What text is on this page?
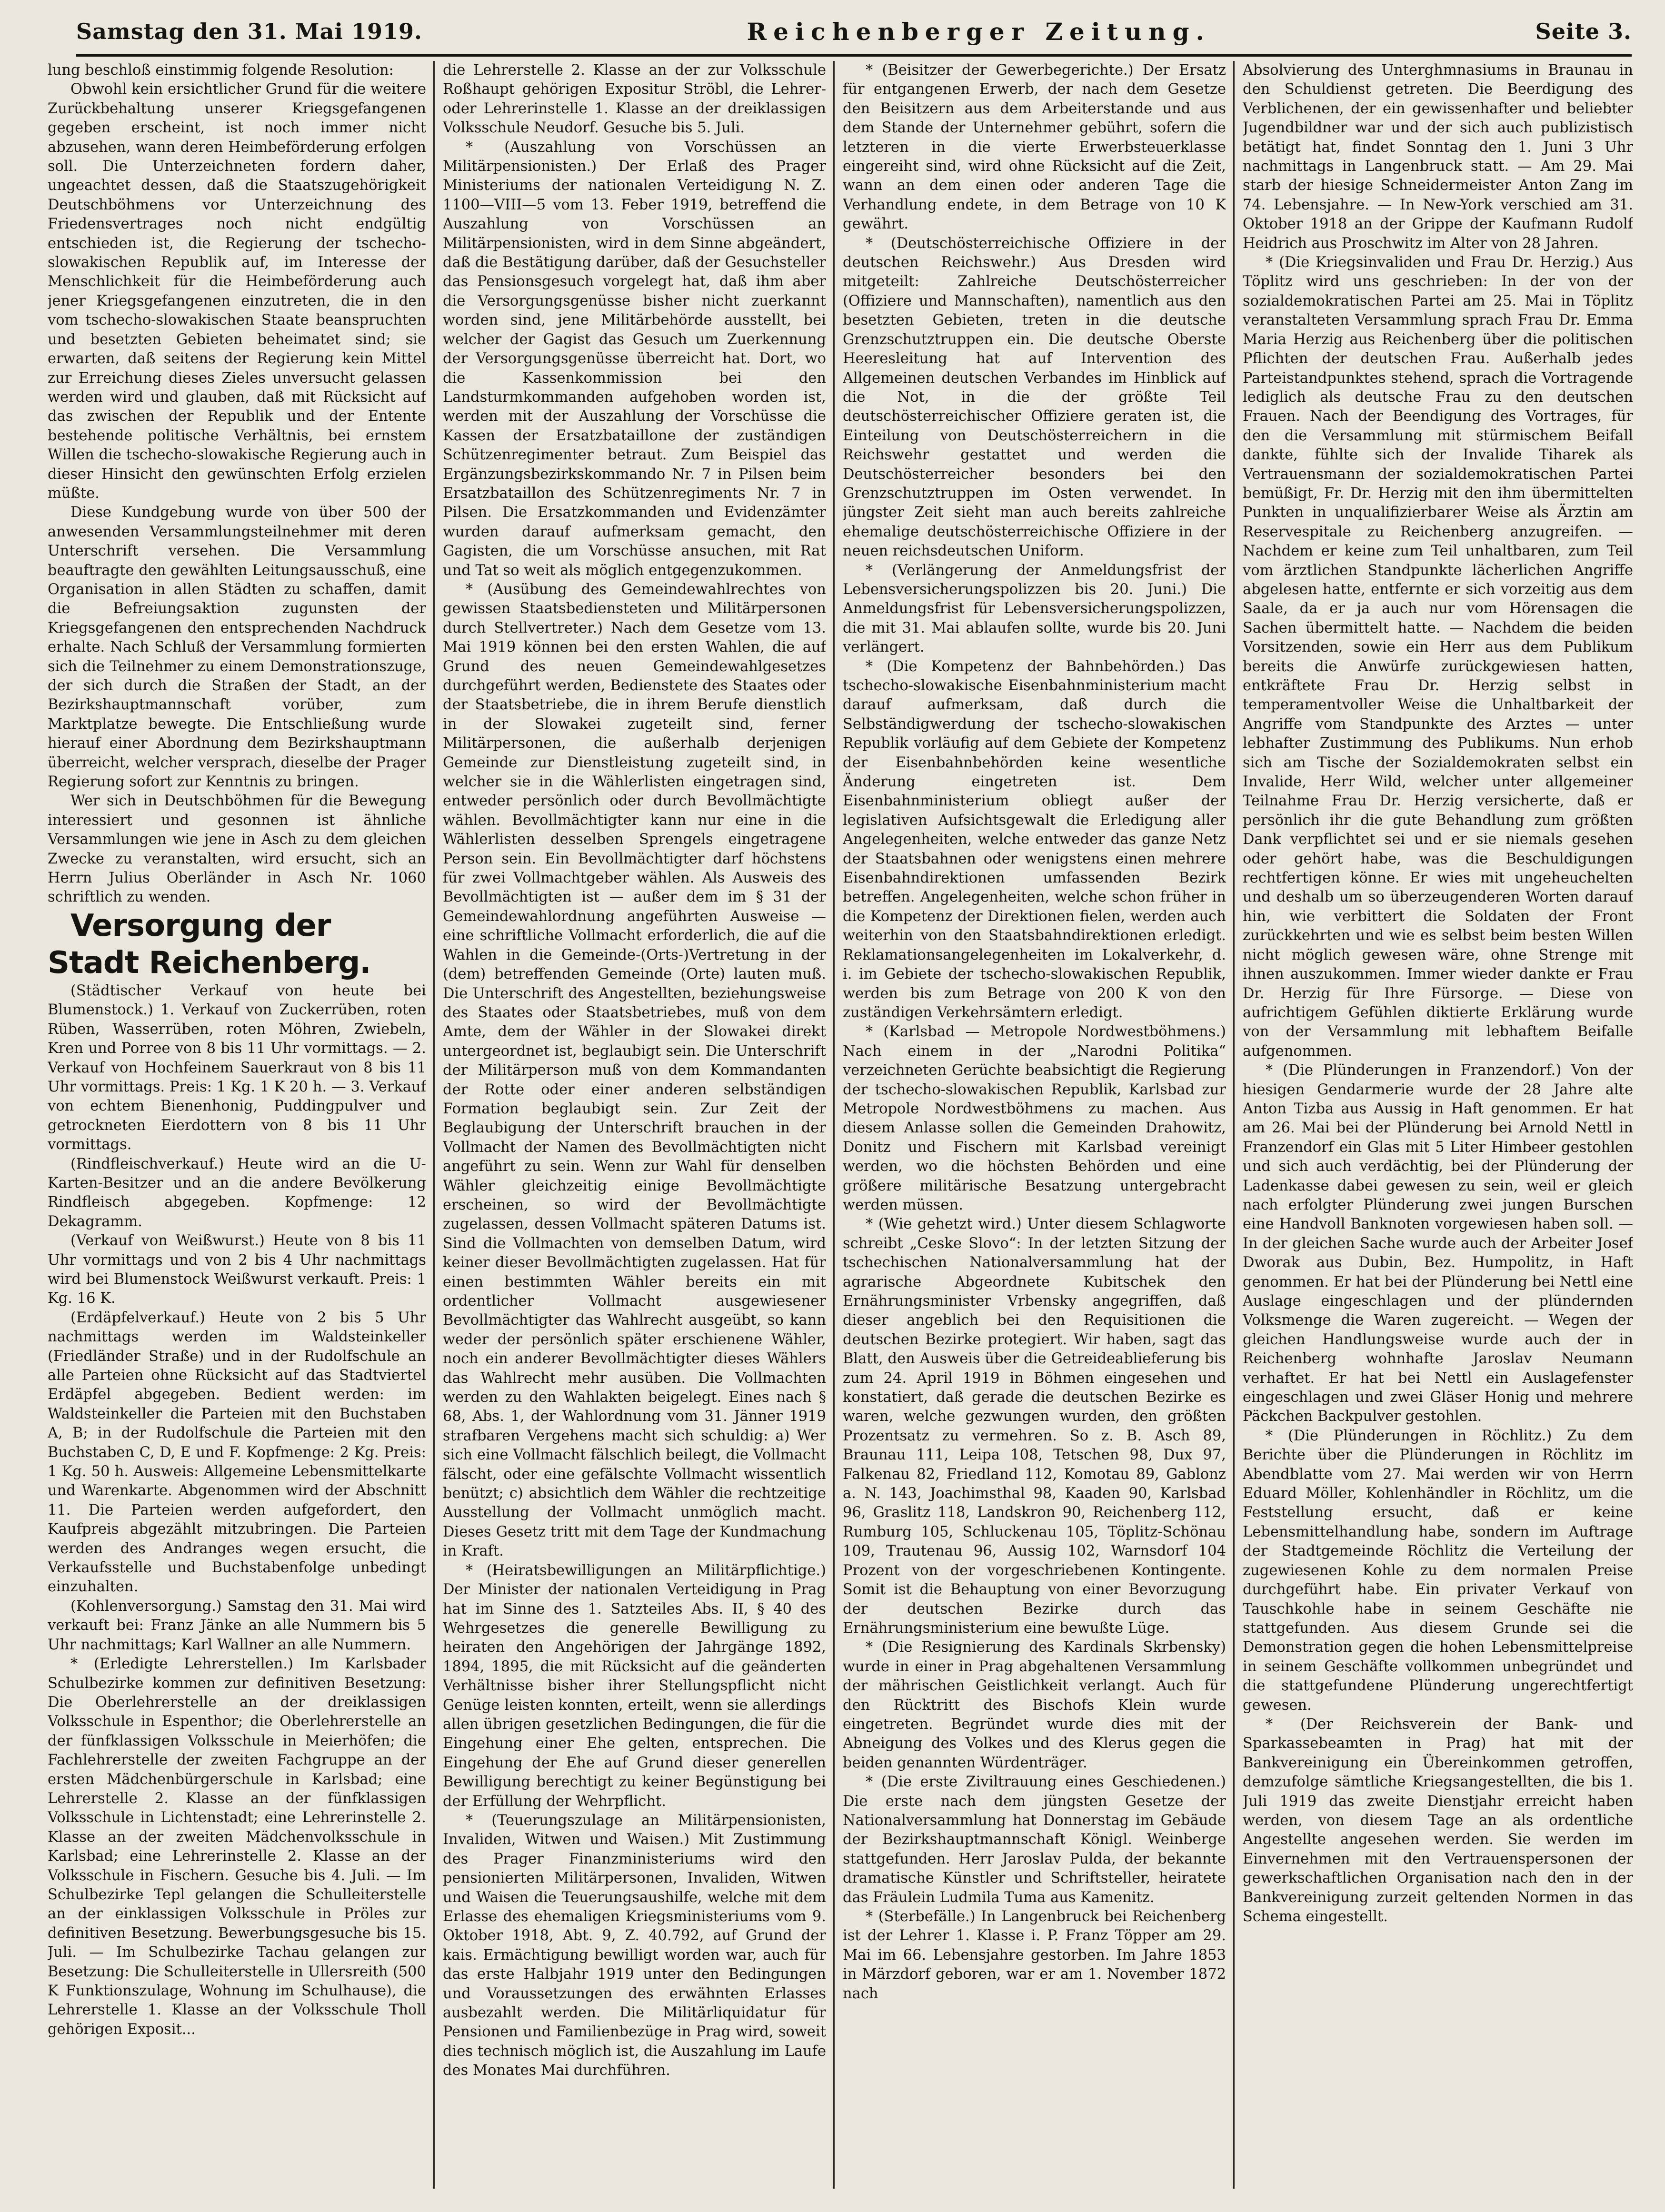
Samstag den 31. Mai 1919.	Reichenberger Zeitung.	Seite 3.

lung beschloß einstimmig folgende Resolution:

Obwohl kein ersichtlicher Grund für die weitere Zurückbehaltung unserer Kriegsgefangenen gegeben erscheint, ist noch immer nicht abzusehen, wann deren Heimbeförderung erfolgen soll. Die Unterzeichneten fordern daher, ungeachtet dessen, daß die Staatszugehörigkeit Deutschböhmens vor Unterzeichnung des Friedensvertrages noch nicht endgültig entschieden ist, die Regierung der tschecho-slowakischen Republik auf, im Interesse der Menschlichkeit für die Heimbeförderung auch jener Kriegsgefangenen einzutreten, die in den vom tschecho-slowakischen Staate beanspruchten und besetzten Gebieten beheimatet sind; sie erwarten, daß seitens der Regierung kein Mittel zur Erreichung dieses Zieles unversucht gelassen werden wird und glauben, daß mit Rücksicht auf das zwischen der Republik und der Entente bestehende politische Verhältnis, bei ernstem Willen die tschecho-slowakische Regierung auch in dieser Hinsicht den gewünschten Erfolg erzielen müßte.

Diese Kundgebung wurde von über 500 der anwesenden Versammlungsteilnehmer mit deren Unterschrift versehen. Die Versammlung beauftragte den gewählten Leitungsausschuß, eine Organisation in allen Städten zu schaffen, damit die Befreiungsaktion zugunsten der Kriegsgefangenen den entsprechenden Nachdruck erhalte. Nach Schluß der Versammlung formierten sich die Teilnehmer zu einem Demonstrationszuge, der sich durch die Straßen der Stadt, an der Bezirkshauptmannschaft vorüber, zum Marktplatze bewegte. Die Entschließung wurde hierauf einer Abordnung dem Bezirkshauptmann überreicht, welcher versprach, dieselbe der Prager Regierung sofort zur Kenntnis zu bringen.

Wer sich in Deutschböhmen für die Bewegung interessiert und gesonnen ist ähnliche Versammlungen wie jene in Asch zu dem gleichen Zwecke zu veranstalten, wird ersucht, sich an Herrn Julius Oberländer in Asch Nr. 1060 schriftlich zu wenden.

Versorgung der Stadt Reichenberg.

(Städtischer Verkauf von heute bei Blumenstock.) 1. Verkauf von Zuckerrüben, roten Rüben, Wasserrüben, roten Möhren, Zwiebeln, Kren und Porree von 8 bis 11 Uhr vormittags. — 2. Verkauf von Hochfeinem Sauerkraut von 8 bis 11 Uhr vormittags. Preis: 1 Kg. 1 K 20 h. — 3. Verkauf von echtem Bienenhonig, Puddingpulver und getrockneten Eierdottern von 8 bis 11 Uhr vormittags.

(Rindfleischverkauf.) Heute wird an die U-Karten-Besitzer und an die andere Bevölkerung Rindfleisch abgegeben. Kopfmenge: 12 Dekagramm.

(Verkauf von Weißwurst.) Heute von 8 bis 11 Uhr vormittags und von 2 bis 4 Uhr nachmittags wird bei Blumenstock Weißwurst verkauft. Preis: 1 Kg. 16 K.

(Erdäpfelverkauf.) Heute von 2 bis 5 Uhr nachmittags werden im Waldsteinkeller (Friedländer Straße) und in der Rudolfschule an alle Parteien ohne Rücksicht auf das Stadtviertel Erdäpfel abgegeben. Bedient werden: im Waldsteinkeller die Parteien mit den Buchstaben A, B; in der Rudolfschule die Parteien mit den Buchstaben C, D, E und F. Kopfmenge: 2 Kg. Preis: 1 Kg. 50 h. Ausweis: Allgemeine Lebensmittelkarte und Warenkarte. Abgenommen wird der Abschnitt 11. Die Parteien werden aufgefordert, den Kaufpreis abgezählt mitzubringen. Die Parteien werden des Andranges wegen ersucht, die Verkaufsstelle und Buchstabenfolge unbedingt einzuhalten.

(Kohlenversorgung.) Samstag den 31. Mai wird verkauft bei: Franz Jänke an alle Nummern bis 5 Uhr nachmittags; Karl Wallner an alle Nummern.

* (Erledigte Lehrerstellen.) Im Karlsbader Schulbezirke kommen zur definitiven Besetzung: Die Oberlehrerstelle an der dreiklassigen Volksschule in Espenthor; die Oberlehrerstelle an der fünfklassigen Volksschule in Meierhöfen; die Fachlehrerstelle der zweiten Fachgruppe an der ersten Mädchenbürgerschule in Karlsbad; eine Lehrerstelle 2. Klasse an der fünfklassigen Volksschule in Lichtenstadt; eine Lehrerinstelle 2. Klasse an der zweiten Mädchenvolksschule in Karlsbad; eine Lehrerinstelle 2. Klasse an der Volksschule in Fischern. Gesuche bis 4. Juli. — Im Schulbezirke Tepl gelangen die Schulleiterstelle an der einklassigen Volksschule in Pröles zur definitiven Besetzung. Bewerbungsgesuche bis 15. Juli. — Im Schulbezirke Tachau gelangen zur Besetzung: Die Schulleiterstelle in Ullersreith (500 K Funktionszulage, Wohnung im Schulhause), die Lehrerstelle 1. Klasse an der Volksschule Tholl gehörigen Exposit...

die Lehrerstelle 2. Klasse an der zur Volksschule Roßhaupt gehörigen Expositur Ströbl, die Lehrer- oder Lehrerinstelle 1. Klasse an der dreiklassigen Volksschule Neudorf. Gesuche bis 5. Juli.

* (Auszahlung von Vorschüssen an Militärpensionisten.) Der Erlaß des Prager Ministeriums der nationalen Verteidigung N. Z. 1100—VIII—5 vom 13. Feber 1919, betreffend die Auszahlung von Vorschüssen an Militärpensionisten, wird in dem Sinne abgeändert, daß die Bestätigung darüber, daß der Gesuchsteller das Pensionsgesuch vorgelegt hat, daß ihm aber die Versorgungsgenüsse bisher nicht zuerkannt worden sind, jene Militärbehörde ausstellt, bei welcher der Gagist das Gesuch um Zuerkennung der Versorgungsgenüsse überreicht hat. Dort, wo die Kassenkommission bei den Landsturmkommanden aufgehoben worden ist, werden mit der Auszahlung der Vorschüsse die Kassen der Ersatzbataillone der zuständigen Schützenregimenter betraut. Zum Beispiel das Ergänzungsbezirkskommando Nr. 7 in Pilsen beim Ersatzbataillon des Schützenregiments Nr. 7 in Pilsen. Die Ersatzkommanden und Evidenzämter wurden darauf aufmerksam gemacht, den Gagisten, die um Vorschüsse ansuchen, mit Rat und Tat so weit als möglich entgegenzukommen.

* (Ausübung des Gemeindewahlrechtes von gewissen Staatsbediensteten und Militärpersonen durch Stellvertreter.) Nach dem Gesetze vom 13. Mai 1919 können bei den ersten Wahlen, die auf Grund des neuen Gemeindewahlgesetzes durchgeführt werden, Bedienstete des Staates oder der Staatsbetriebe, die in ihrem Berufe dienstlich in der Slowakei zugeteilt sind, ferner Militärpersonen, die außerhalb derjenigen Gemeinde zur Dienstleistung zugeteilt sind, in welcher sie in die Wählerlisten eingetragen sind, entweder persönlich oder durch Bevollmächtigte wählen. Bevollmächtigter kann nur eine in die Wählerlisten desselben Sprengels eingetragene Person sein. Ein Bevollmächtigter darf höchstens für zwei Vollmachtgeber wählen. Als Ausweis des Bevollmächtigten ist — außer dem im § 31 der Gemeindewahlordnung angeführten Ausweise — eine schriftliche Vollmacht erforderlich, die auf die Wahlen in die Gemeinde-(Orts-)Vertretung in der (dem) betreffenden Gemeinde (Orte) lauten muß. Die Unterschrift des Angestellten, beziehungsweise des Staates oder Staatsbetriebes, muß von dem Amte, dem der Wähler in der Slowakei direkt untergeordnet ist, beglaubigt sein. Die Unterschrift der Militärperson muß von dem Kommandanten der Rotte oder einer anderen selbständigen Formation beglaubigt sein. Zur Zeit der Beglaubigung der Unterschrift brauchen in der Vollmacht der Namen des Bevollmächtigten nicht angeführt zu sein. Wenn zur Wahl für denselben Wähler gleichzeitig einige Bevollmächtigte erscheinen, so wird der Bevollmächtigte zugelassen, dessen Vollmacht späteren Datums ist. Sind die Vollmachten von demselben Datum, wird keiner dieser Bevollmächtigten zugelassen. Hat für einen bestimmten Wähler bereits ein mit ordentlicher Vollmacht ausgewiesener Bevollmächtigter das Wahlrecht ausgeübt, so kann weder der persönlich später erschienene Wähler, noch ein anderer Bevollmächtigter dieses Wählers das Wahlrecht mehr ausüben. Die Vollmachten werden zu den Wahlakten beigelegt. Eines nach § 68, Abs. 1, der Wahlordnung vom 31. Jänner 1919 strafbaren Vergehens macht sich schuldig: a) Wer sich eine Vollmacht fälschlich beilegt, die Vollmacht fälscht, oder eine gefälschte Vollmacht wissentlich benützt; c) absichtlich dem Wähler die rechtzeitige Ausstellung der Vollmacht unmöglich macht. Dieses Gesetz tritt mit dem Tage der Kundmachung in Kraft.

* (Heiratsbewilligungen an Militärpflichtige.) Der Minister der nationalen Verteidigung in Prag hat im Sinne des 1. Satzteiles Abs. II, § 40 des Wehrgesetzes die generelle Bewilligung zu heiraten den Angehörigen der Jahrgänge 1892, 1894, 1895, die mit Rücksicht auf die geänderten Verhältnisse bisher ihrer Stellungspflicht nicht Genüge leisten konnten, erteilt, wenn sie allerdings allen übrigen gesetzlichen Bedingungen, die für die Eingehung einer Ehe gelten, entsprechen. Die Eingehung der Ehe auf Grund dieser generellen Bewilligung berechtigt zu keiner Begünstigung bei der Erfüllung der Wehrpflicht.

* (Teuerungszulage an Militärpensionisten, Invaliden, Witwen und Waisen.) Mit Zustimmung des Prager Finanzministeriums wird den pensionierten Militärpersonen, Invaliden, Witwen und Waisen die Teuerungsaushilfe, welche mit dem Erlasse des ehemaligen Kriegsministeriums vom 9. Oktober 1918, Abt. 9, Z. 40.792, auf Grund der kais. Ermächtigung bewilligt worden war, auch für das erste Halbjahr 1919 unter den Bedingungen und Voraussetzungen des erwähnten Erlasses ausbezahlt werden. Die Militärliquidatur für Pensionen und Familienbezüge in Prag wird, soweit dies technisch möglich ist, die Auszahlung im Laufe des Monates Mai durchführen.

* (Beisitzer der Gewerbegerichte.) Der Ersatz für entgangenen Erwerb, der nach dem Gesetze den Beisitzern aus dem Arbeiterstande und aus dem Stande der Unternehmer gebührt, sofern die letzteren in die vierte Erwerbsteuerklasse eingereiht sind, wird ohne Rücksicht auf die Zeit, wann an dem einen oder anderen Tage die Verhandlung endete, in dem Betrage von 10 K gewährt.

* (Deutschösterreichische Offiziere in der deutschen Reichswehr.) Aus Dresden wird mitgeteilt: Zahlreiche Deutschösterreicher (Offiziere und Mannschaften), namentlich aus den besetzten Gebieten, treten in die deutsche Grenzschutztruppen ein. Die deutsche Oberste Heeresleitung hat auf Intervention des Allgemeinen deutschen Verbandes im Hinblick auf die Not, in die der größte Teil deutschösterreichischer Offiziere geraten ist, die Einteilung von Deutschösterreichern in die Reichswehr gestattet und werden die Deutschösterreicher besonders bei den Grenzschutztruppen im Osten verwendet. In jüngster Zeit sieht man auch bereits zahlreiche ehemalige deutschösterreichische Offiziere in der neuen reichsdeutschen Uniform.

* (Verlängerung der Anmeldungsfrist der Lebensversicherungspolizzen bis 20. Juni.) Die Anmeldungsfrist für Lebensversicherungspolizzen, die mit 31. Mai ablaufen sollte, wurde bis 20. Juni verlängert.

* (Die Kompetenz der Bahnbehörden.) Das tschecho-slowakische Eisenbahnministerium macht darauf aufmerksam, daß durch die Selbständigwerdung der tschecho-slowakischen Republik vorläufig auf dem Gebiete der Kompetenz der Eisenbahnbehörden keine wesentliche Änderung eingetreten ist. Dem Eisenbahnministerium obliegt außer der legislativen Aufsichtsgewalt die Erledigung aller Angelegenheiten, welche entweder das ganze Netz der Staatsbahnen oder wenigstens einen mehrere Eisenbahndirektionen umfassenden Bezirk betreffen. Angelegenheiten, welche schon früher in die Kompetenz der Direktionen fielen, werden auch weiterhin von den Staatsbahndirektionen erledigt. Reklamationsangelegenheiten im Lokalverkehr, d. i. im Gebiete der tschecho-slowakischen Republik, werden bis zum Betrage von 200 K von den zuständigen Verkehrsämtern erledigt.

* (Karlsbad — Metropole Nordwestböhmens.) Nach einem in der „Narodni Politika“ verzeichneten Gerüchte beabsichtigt die Regierung der tschecho-slowakischen Republik, Karlsbad zur Metropole Nordwestböhmens zu machen. Aus diesem Anlasse sollen die Gemeinden Drahowitz, Donitz und Fischern mit Karlsbad vereinigt werden, wo die höchsten Behörden und eine größere militärische Besatzung untergebracht werden müssen.

* (Wie gehetzt wird.) Unter diesem Schlagworte schreibt „Ceske Slovo“: In der letzten Sitzung der tschechischen Nationalversammlung hat der agrarische Abgeordnete Kubitschek den Ernährungsminister Vrbensky angegriffen, daß dieser angeblich bei den Requisitionen die deutschen Bezirke protegiert. Wir haben, sagt das Blatt, den Ausweis über die Getreideablieferung bis zum 24. April 1919 in Böhmen eingesehen und konstatiert, daß gerade die deutschen Bezirke es waren, welche gezwungen wurden, den größten Prozentsatz zu vermehren. So z. B. Asch 89, Braunau 111, Leipa 108, Tetschen 98, Dux 97, Falkenau 82, Friedland 112, Komotau 89, Gablonz a. N. 143, Joachimsthal 98, Kaaden 90, Karlsbad 96, Graslitz 118, Landskron 90, Reichenberg 112, Rumburg 105, Schluckenau 105, Töplitz-Schönau 109, Trautenau 96, Aussig 102, Warnsdorf 104 Prozent von der vorgeschriebenen Kontingente. Somit ist die Behauptung von einer Bevorzugung der deutschen Bezirke durch das Ernährungsministerium eine bewußte Lüge.

* (Die Resignierung des Kardinals Skrbensky) wurde in einer in Prag abgehaltenen Versammlung der mährischen Geistlichkeit verlangt. Auch für den Rücktritt des Bischofs Klein wurde eingetreten. Begründet wurde dies mit der Abneigung des Volkes und des Klerus gegen die beiden genannten Würdenträger.

* (Die erste Ziviltrauung eines Geschiedenen.) Die erste nach dem jüngsten Gesetze der Nationalversammlung hat Donnerstag im Gebäude der Bezirkshauptmannschaft Königl. Weinberge stattgefunden. Herr Jaroslav Pulda, der bekannte dramatische Künstler und Schriftsteller, heiratete das Fräulein Ludmila Tuma aus Kamenitz.

* (Sterbefälle.) In Langenbruck bei Reichenberg ist der Lehrer 1. Klasse i. P. Franz Töpper am 29. Mai im 66. Lebensjahre gestorben. Im Jahre 1853 in Märzdorf geboren, war er am 1. November 1872 nach

Absolvierung des Unterghmnasiums in Braunau in den Schuldienst getreten. Die Beerdigung des Verblichenen, der ein gewissenhafter und beliebter Jugendbildner war und der sich auch publizistisch betätigt hat, findet Sonntag den 1. Juni 3 Uhr nachmittags in Langenbruck statt. — Am 29. Mai starb der hiesige Schneidermeister Anton Zang im 74. Lebensjahre. — In New-York verschied am 31. Oktober 1918 an der Grippe der Kaufmann Rudolf Heidrich aus Proschwitz im Alter von 28 Jahren.

* (Die Kriegsinvaliden und Frau Dr. Herzig.) Aus Töplitz wird uns geschrieben: In der von der sozialdemokratischen Partei am 25. Mai in Töplitz veranstalteten Versammlung sprach Frau Dr. Emma Maria Herzig aus Reichenberg über die politischen Pflichten der deutschen Frau. Außerhalb jedes Parteistandpunktes stehend, sprach die Vortragende lediglich als deutsche Frau zu den deutschen Frauen. Nach der Beendigung des Vortrages, für den die Versammlung mit stürmischem Beifall dankte, fühlte sich der Invalide Tiharek als Vertrauensmann der sozialdemokratischen Partei bemüßigt, Fr. Dr. Herzig mit den ihm übermittelten Punkten in unqualifizierbarer Weise als Ärztin am Reservespitale zu Reichenberg anzugreifen. — Nachdem er keine zum Teil unhaltbaren, zum Teil vom ärztlichen Standpunkte lächerlichen Angriffe abgelesen hatte, entfernte er sich vorzeitig aus dem Saale, da er ja auch nur vom Hörensagen die Sachen übermittelt hatte. — Nachdem die beiden Vorsitzenden, sowie ein Herr aus dem Publikum bereits die Anwürfe zurückgewiesen hatten, entkräftete Frau Dr. Herzig selbst in temperamentvoller Weise die Unhaltbarkeit der Angriffe vom Standpunkte des Arztes — unter lebhafter Zustimmung des Publikums. Nun erhob sich am Tische der Sozialdemokraten selbst ein Invalide, Herr Wild, welcher unter allgemeiner Teilnahme Frau Dr. Herzig versicherte, daß er persönlich ihr die gute Behandlung zum größten Dank verpflichtet sei und er sie niemals gesehen oder gehört habe, was die Beschuldigungen rechtfertigen könne. Er wies mit ungeheuchelten und deshalb um so überzeugenderen Worten darauf hin, wie verbittert die Soldaten der Front zurückkehrten und wie es selbst beim besten Willen nicht möglich gewesen wäre, ohne Strenge mit ihnen auszukommen. Immer wieder dankte er Frau Dr. Herzig für Ihre Fürsorge. — Diese von aufrichtigem Gefühlen diktierte Erklärung wurde von der Versammlung mit lebhaftem Beifalle aufgenommen.

* (Die Plünderungen in Franzendorf.) Von der hiesigen Gendarmerie wurde der 28 Jahre alte Anton Tizba aus Aussig in Haft genommen. Er hat am 26. Mai bei der Plünderung bei Arnold Nettl in Franzendorf ein Glas mit 5 Liter Himbeer gestohlen und sich auch verdächtig, bei der Plünderung der Ladenkasse dabei gewesen zu sein, weil er gleich nach erfolgter Plünderung zwei jungen Burschen eine Handvoll Banknoten vorgewiesen haben soll. — In der gleichen Sache wurde auch der Arbeiter Josef Dworak aus Dubin, Bez. Humpolitz, in Haft genommen. Er hat bei der Plünderung bei Nettl eine Auslage eingeschlagen und der plündernden Volksmenge die Waren zugereicht. — Wegen der gleichen Handlungsweise wurde auch der in Reichenberg wohnhafte Jaroslav Neumann verhaftet. Er hat bei Nettl ein Auslagefenster eingeschlagen und zwei Gläser Honig und mehrere Päckchen Backpulver gestohlen.

* (Die Plünderungen in Röchlitz.) Zu dem Berichte über die Plünderungen in Röchlitz im Abendblatte vom 27. Mai werden wir von Herrn Eduard Möller, Kohlenhändler in Röchlitz, um die Feststellung ersucht, daß er keine Lebensmittelhandlung habe, sondern im Auftrage der Stadtgemeinde Röchlitz die Verteilung der zugewiesenen Kohle zu dem normalen Preise durchgeführt habe. Ein privater Verkauf von Tauschkohle habe in seinem Geschäfte nie stattgefunden. Aus diesem Grunde sei die Demonstration gegen die hohen Lebensmittelpreise in seinem Geschäfte vollkommen unbegründet und die stattgefundene Plünderung ungerechtfertigt gewesen.

* (Der Reichsverein der Bank- und Sparkassebeamten in Prag) hat mit der Bankvereinigung ein Übereinkommen getroffen, demzufolge sämtliche Kriegsangestellten, die bis 1. Juli 1919 das zweite Dienstjahr erreicht haben werden, von diesem Tage an als ordentliche Angestellte angesehen werden. Sie werden im Einvernehmen mit den Vertrauenspersonen der gewerkschaftlichen Organisation nach den in der Bankvereinigung zurzeit geltenden Normen in das Schema eingestellt.
